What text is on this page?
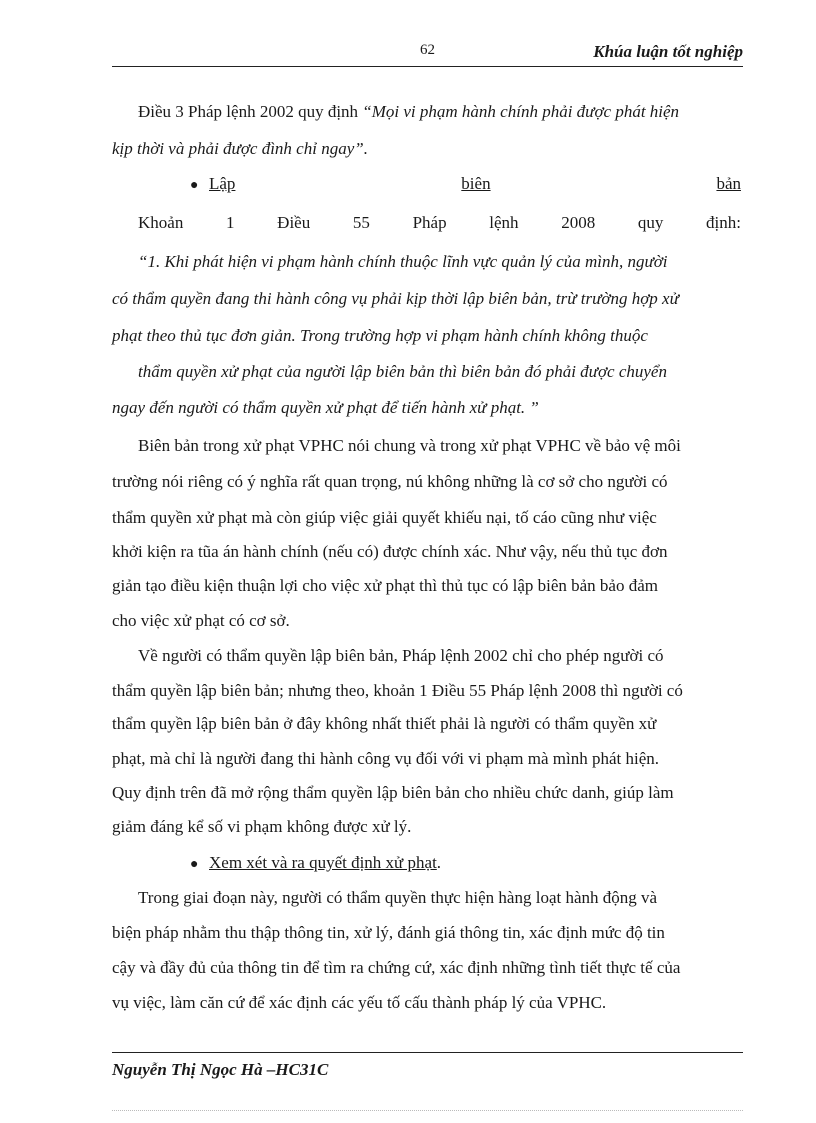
62	Khúa luận tốt nghiệp
Điều 3 Pháp lệnh 2002 quy định “Mọi vi phạm hành chính phải được phát hiện
kịp thời và phải được đình chỉ ngay”.
● Lập	biên	bản
Khoản 1 Điều 55 Pháp lệnh 2008 quy định:
“1. Khi phát hiện vi phạm hành chính thuộc lĩnh vực quản lý của mình, người
có thẩm quyền đang thi hành công vụ phải kịp thời lập biên bản, trừ trường hợp xử
phạt theo thủ tục đơn giản. Trong trường hợp vi phạm hành chính không thuộc
thẩm quyền xử phạt của người lập biên bản thì biên bản đó phải được chuyển
ngay đến người có thẩm quyền xử phạt để tiến hành xử phạt. ”
Biên bản trong xử phạt VPHC nói chung và trong xử phạt VPHC về bảo vệ môi
trường nói riêng có ý nghĩa rất quan trọng, nú không những là cơ sở cho người có
thẩm quyền xử phạt mà còn giúp việc giải quyết khiếu nại, tố cáo cũng như việc
khởi kiện ra tũa án hành chính (nếu có) được chính xác. Như vậy, nếu thủ tục đơn
giản tạo điều kiện thuận lợi cho việc xử phạt thì thủ tục có lập biên bản bảo đảm
cho việc xử phạt có cơ sở.
Về người có thẩm quyền lập biên bản, Pháp lệnh 2002 chỉ cho phép người có
thẩm quyền lập biên bản; nhưng theo, khoản 1 Điều 55 Pháp lệnh 2008 thì người có
thẩm quyền lập biên bản ở đây không nhất thiết phải là người có thẩm quyền xử
phạt, mà chỉ là người đang thi hành công vụ đối với vi phạm mà mình phát hiện.
Quy định trên đã mở rộng thẩm quyền lập biên bản cho nhiều chức danh, giúp làm
giảm đáng kể số vi phạm không được xử lý.
● Xem xét và ra quyết định xử phạt.
Trong giai đoạn này, người có thẩm quyền thực hiện hàng loạt hành động và
biện pháp nhằm thu thập thông tin, xử lý, đánh giá thông tin, xác định mức độ tin
cậy và đầy đủ của thông tin để tìm ra chứng cứ, xác định những tình tiết thực tế của
vụ việc, làm căn cứ để xác định các yếu tố cấu thành pháp lý của VPHC.
Nguyễn Thị Ngọc Hà –HC31C
